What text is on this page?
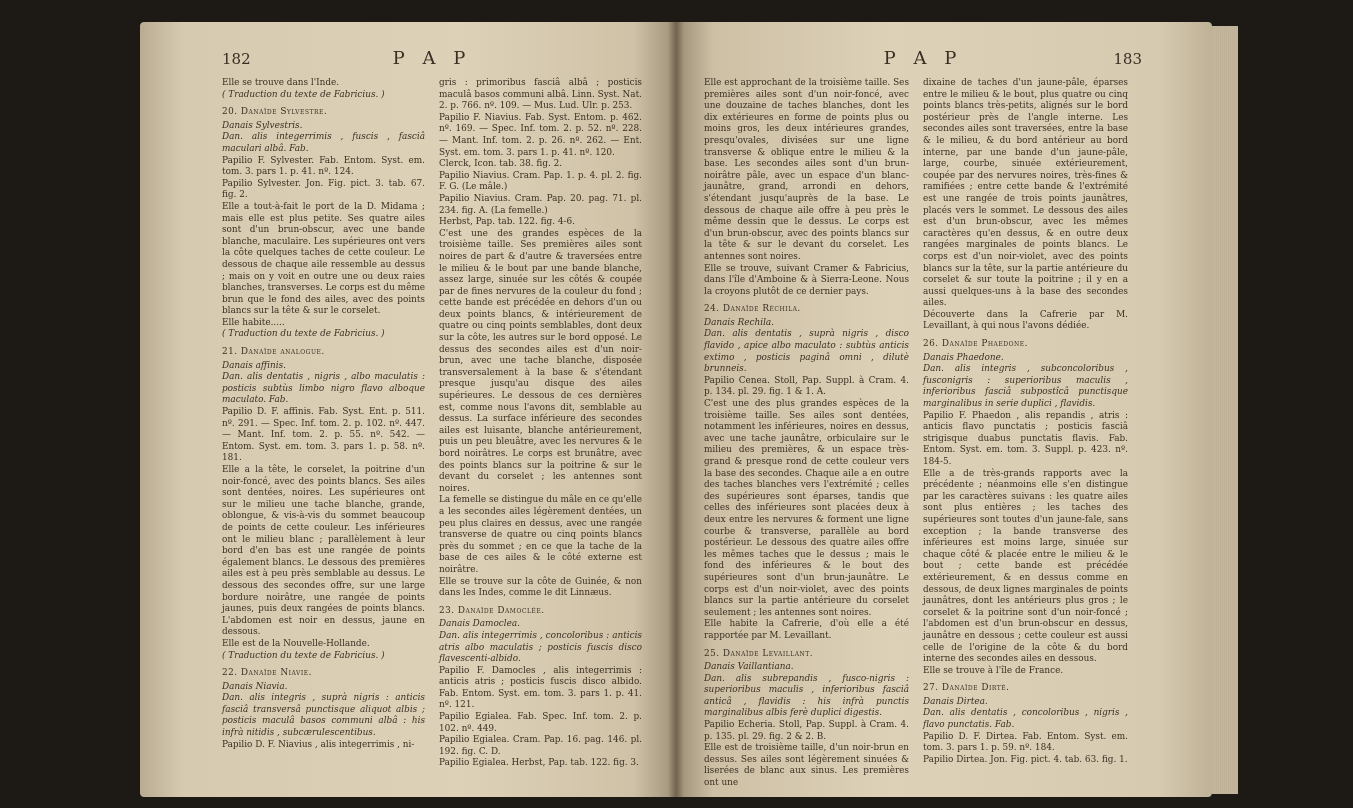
182	P A P

Elle se trouve dans l'Inde.

( Traduction du texte de Fabricius. )

20. Danaïde Sylvestre.

Danais Sylvestris.

Dan. alis integerrimis , fuscis , fasciâ maculari albâ. Fab.

Papilio F. Sylvester. Fab. Entom. Syst. em. tom. 3. pars 1. p. 41. nº. 124.

Papilio Sylvester. Jon. Fig. pict. 3. tab. 67. fig. 2.

Elle a tout-à-fait le port de la D. Midama ; mais elle est plus petite. Ses quatre ailes sont d'un brun-obscur, avec une bande blanche, maculaire. Les supérieures ont vers la côte quelques taches de cette couleur. Le dessous de chaque aile ressemble au dessus ; mais on y voit en outre une ou deux raies blanches, transverses. Le corps est du même brun que le fond des ailes, avec des points blancs sur la tête & sur le corselet.

Elle habite.....

( Traduction du texte de Fabricius. )

21. Danaïde analogue.

Danais affinis.

Dan. alis dentatis , nigris , albo maculatis : posticis subtùs limbo nigro flavo alboque maculato. Fab.

Papilio D. F. affinis. Fab. Syst. Ent. p. 511. nº. 291. — Spec. Inf. tom. 2. p. 102. nº. 447. — Mant. Inf. tom. 2. p. 55. nº. 542. — Entom. Syst. em. tom. 3. pars 1. p. 58. nº. 181.

Elle a la tête, le corselet, la poitrine d'un noir-foncé, avec des points blancs. Ses ailes sont dentées, noires. Les supérieures ont sur le milieu une tache blanche, grande, oblongue, & vis-à-vis du sommet beaucoup de points de cette couleur. Les inférieures ont le milieu blanc ; parallèlement à leur bord d'en bas est une rangée de points également blancs. Le dessous des premières ailes est à peu près semblable au dessus. Le dessous des secondes offre, sur une large bordure noirâtre, une rangée de points jaunes, puis deux rangées de points blancs. L'abdomen est noir en dessus, jaune en dessous.

Elle est de la Nouvelle-Hollande.

( Traduction du texte de Fabricius. )

22. Danaïde Niavie.

Danais Niavia.

Dan. alis integris , suprà nigris : anticis fasciâ transversâ punctisque aliquot albis ; posticis maculâ basos communi albâ : his infrà nitidis , subcærulescentibus.

Papilio D. F. Niavius , alis integerrimis , ni-

gris : primoribus fasciâ albâ ; posticis maculâ basos communi albâ. Linn. Syst. Nat. 2. p. 766. nº. 109. — Mus. Lud. Ulr. p. 253.

Papilio F. Niavius. Fab. Syst. Entom. p. 462. nº. 169. — Spec. Inf. tom. 2. p. 52. nº. 228. — Mant. Inf. tom. 2. p. 26. nº. 262. — Ent. Syst. em. tom. 3. pars 1. p. 41. nº. 120.

Clerck, Icon. tab. 38. fig. 2.

Papilio Niavius. Cram. Pap. 1. p. 4. pl. 2. fig. F. G. (Le mâle.)

Papilio Niavius. Cram. Pap. 20. pag. 71. pl. 234. fig. A. (La femelle.)

Herbst, Pap. tab. 122. fig. 4-6.

C'est une des grandes espèces de la troisième taille. Ses premières ailes sont noires de part & d'autre & traversées entre le milieu & le bout par une bande blanche, assez large, sinuée sur les côtés & coupée par de fines nervures de la couleur du fond ; cette bande est précédée en dehors d'un ou deux points blancs, & intérieurement de quatre ou cinq points semblables, dont deux sur la côte, les autres sur le bord opposé. Le dessus des secondes ailes est d'un noir-brun, avec une tache blanche, disposée transversalement à la base & s'étendant presque jusqu'au disque des ailes supérieures. Le dessous de ces dernières est, comme nous l'avons dit, semblable au dessus. La surface inférieure des secondes ailes est luisante, blanche antérieurement, puis un peu bleuâtre, avec les nervures & le bord noirâtres. Le corps est brunâtre, avec des points blancs sur la poitrine & sur le devant du corselet ; les antennes sont noires.

La femelle se distingue du mâle en ce qu'elle a les secondes ailes légèrement dentées, un peu plus claires en dessus, avec une rangée transverse de quatre ou cinq points blancs près du sommet ; en ce que la tache de la base de ces ailes & le côté externe est noirâtre.

Elle se trouve sur la côte de Guinée, & non dans les Indes, comme le dit Linnæus.

23. Danaïde Damoclée.

Danais Damoclea.

Dan. alis integerrimis , concoloribus : anticis atris albo maculatis ; posticis fuscis disco flavescenti-albido.

Papilio F. Damocles , alis integerrimis : anticis atris ; posticis fuscis disco albido. Fab. Entom. Syst. em. tom. 3. pars 1. p. 41. nº. 121.

Papilio Egialea. Fab. Spec. Inf. tom. 2. p. 102. nº. 449.

Papilio Egialea. Cram. Pap. 16. pag. 146. pl. 192. fig. C. D.

Papilio Egialea. Herbst, Pap. tab. 122. fig. 3.

P A P	183

Elle est approchant de la troisième taille. Ses premières ailes sont d'un noir-foncé, avec une douzaine de taches blanches, dont les dix extérieures en forme de points plus ou moins gros, les deux intérieures grandes, presqu'ovales, divisées sur une ligne transverse & oblique entre le milieu & la base. Les secondes ailes sont d'un brun-noirâtre pâle, avec un espace d'un blanc-jaunâtre, grand, arrondi en dehors, s'étendant jusqu'auprès de la base. Le dessous de chaque aile offre à peu près le même dessin que le dessus. Le corps est d'un brun-obscur, avec des points blancs sur la tête & sur le devant du corselet. Les antennes sont noires.

Elle se trouve, suivant Cramer & Fabricius, dans l'île d'Amboine & à Sierra-Leone. Nous la croyons plutôt de ce dernier pays.

24. Danaïde Réchila.

Danais Rechila.

Dan. alis dentatis , suprà nigris , disco flavido , apice albo maculato : subtùs anticis extimo , posticis paginâ omni , dilutè brunneis.

Papilio Cenea. Stoll, Pap. Suppl. à Cram. 4. p. 134. pl. 29. fig. 1 & 1. A.

C'est une des plus grandes espèces de la troisième taille. Ses ailes sont dentées, notamment les inférieures, noires en dessus, avec une tache jaunâtre, orbiculaire sur le milieu des premières, & un espace très-grand & presque rond de cette couleur vers la base des secondes. Chaque aile a en outre des taches blanches vers l'extrémité ; celles des supérieures sont éparses, tandis que celles des inférieures sont placées deux à deux entre les nervures & forment une ligne courbe & transverse, parallèle au bord postérieur. Le dessous des quatre ailes offre les mêmes taches que le dessus ; mais le fond des inférieures & le bout des supérieures sont d'un brun-jaunâtre. Le corps est d'un noir-violet, avec des points blancs sur la partie antérieure du corselet seulement ; les antennes sont noires.

Elle habite la Cafrerie, d'où elle a été rapportée par M. Levaillant.

25. Danaïde Levaillant.

Danais Vaillantiana.

Dan. alis subrepandis , fusco-nigris : superioribus maculis , inferioribus fasciâ anticâ , flavidis : his infrà punctis marginalibus albis ferè duplici digestis.

Papilio Echeria. Stoll, Pap. Suppl. à Cram. 4. p. 135. pl. 29. fig. 2 & 2. B.

Elle est de troisième taille, d'un noir-brun en dessus. Ses ailes sont légèrement sinuées & liserées de blanc aux sinus. Les premières ont une

dixaine de taches d'un jaune-pâle, éparses entre le milieu & le bout, plus quatre ou cinq points blancs très-petits, alignés sur le bord postérieur près de l'angle interne. Les secondes ailes sont traversées, entre la base & le milieu, & du bord antérieur au bord interne, par une bande d'un jaune-pâle, large, courbe, sinuée extérieurement, coupée par des nervures noires, très-fines & ramifiées ; entre cette bande & l'extrémité est une rangée de trois points jaunâtres, placés vers le sommet. Le dessous des ailes est d'un brun-obscur, avec les mêmes caractères qu'en dessus, & en outre deux rangées marginales de points blancs. Le corps est d'un noir-violet, avec des points blancs sur la tête, sur la partie antérieure du corselet & sur toute la poitrine ; il y en a aussi quelques-uns à la base des secondes ailes.

Découverte dans la Cafrerie par M. Levaillant, à qui nous l'avons dédiée.

26. Danaïde Phaedone.

Danais Phaedone.

Dan. alis integris , subconcoloribus , fusconigris : superioribus maculis , inferioribus fasciâ subpostîcâ punctisque marginalibus in serie duplici , flavidis.

Papilio F. Phaedon , alis repandis , atris : anticis flavo punctatis ; posticis fasciâ strigisque duabus punctatis flavis. Fab. Entom. Syst. em. tom. 3. Suppl. p. 423. nº. 184-5.

Elle a de très-grands rapports avec la précédente ; néanmoins elle s'en distingue par les caractères suivans : les quatre ailes sont plus entières ; les taches des supérieures sont toutes d'un jaune-fale, sans exception ; la bande transverse des inférieures est moins large, sinuée sur chaque côté & placée entre le milieu & le bout ; cette bande est précédée extérieurement, & en dessus comme en dessous, de deux lignes marginales de points jaunâtres, dont les antérieurs plus gros ; le corselet & la poitrine sont d'un noir-foncé ; l'abdomen est d'un brun-obscur en dessus, jaunâtre en dessous ; cette couleur est aussi celle de l'origine de la côte & du bord interne des secondes ailes en dessous.

Elle se trouve à l'île de France.

27. Danaïde Dirté.

Danais Dirtea.

Dan. alis dentatis , concoloribus , nigris , flavo punctatis. Fab.

Papilio D. F. Dirtea. Fab. Entom. Syst. em. tom. 3. pars 1. p. 59. nº. 184.

Papilio Dirtea. Jon. Fig. pict. 4. tab. 63. fig. 1.
